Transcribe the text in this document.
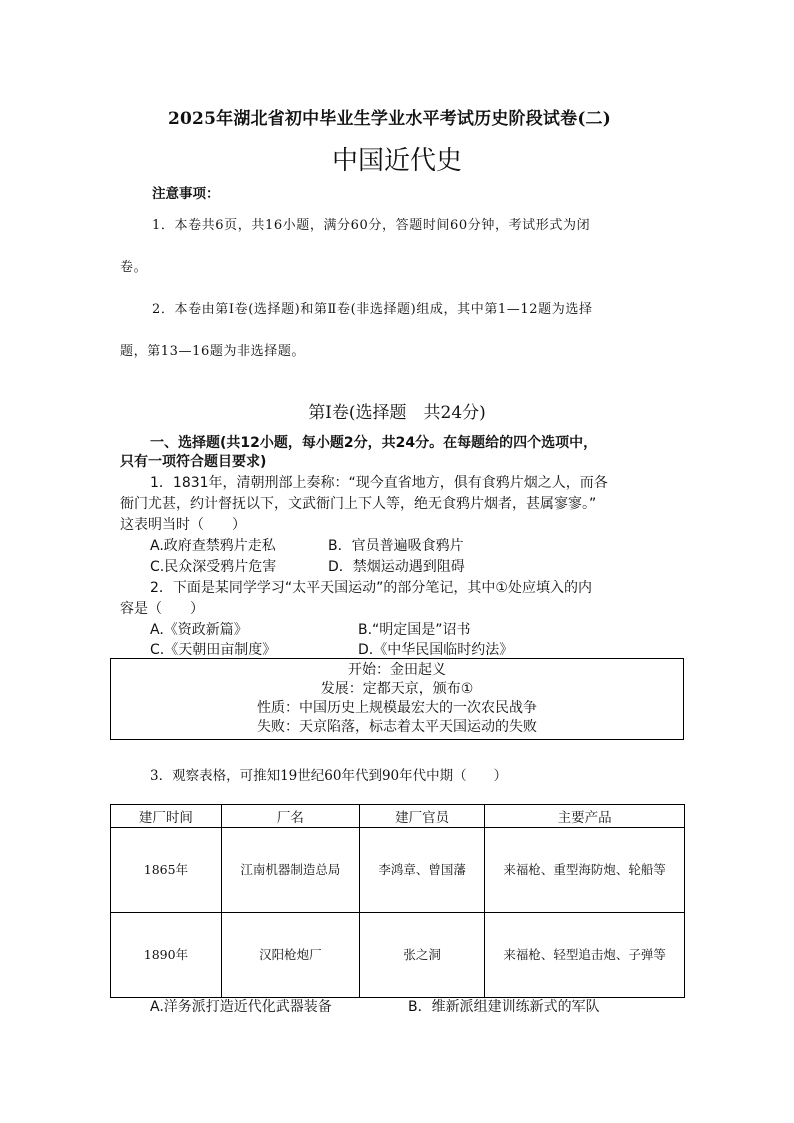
2025年湖北省初中毕业生学业水平考试历史阶段试卷(二)
中国近代史
注意事项：
1．本卷共6页，共16小题，满分60分，答题时间60分钟，考试形式为闭
卷。
2．本卷由第Ⅰ卷(选择题)和第Ⅱ卷(非选择题)组成，其中第1—12题为选择
题，第13—16题为非选择题。
第Ⅰ卷(选择题　共24分)
一、选择题(共12小题，每小题2分，共24分。在每题给的四个选项中，
只有一项符合题目要求)
1．1831年，清朝刑部上奏称：“现今直省地方，俱有食鸦片烟之人，而各
衙门尤甚，约计督抚以下，文武衙门上下人等，绝无食鸦片烟者，甚属寥寥。”
这表明当时（　　）
A.政府查禁鸦片走私	B．官员普遍吸食鸦片
C.民众深受鸦片危害	D．禁烟运动遇到阻碍
2．下面是某同学学习“太平天国运动”的部分笔记，其中①处应填入的内
容是（　　）
A.《资政新篇》	B.“明定国是”诏书
C.《天朝田亩制度》	D.《中华民国临时约法》
开始：金田起义
发展：定都天京，颁布①
性质：中国历史上规模最宏大的一次农民战争
失败：天京陷落，标志着太平天国运动的失败
3．观察表格，可推知19世纪60年代到90年代中期（　　）
建厂时间	厂名	建厂官员	主要产品
1865年	江南机器制造总局	李鸿章、曾国藩	来福枪、重型海防炮、轮船等
1890年	汉阳枪炮厂	张之洞	来福枪、轻型追击炮、子弹等
A.洋务派打造近代化武器装备	B．维新派组建训练新式的军队
